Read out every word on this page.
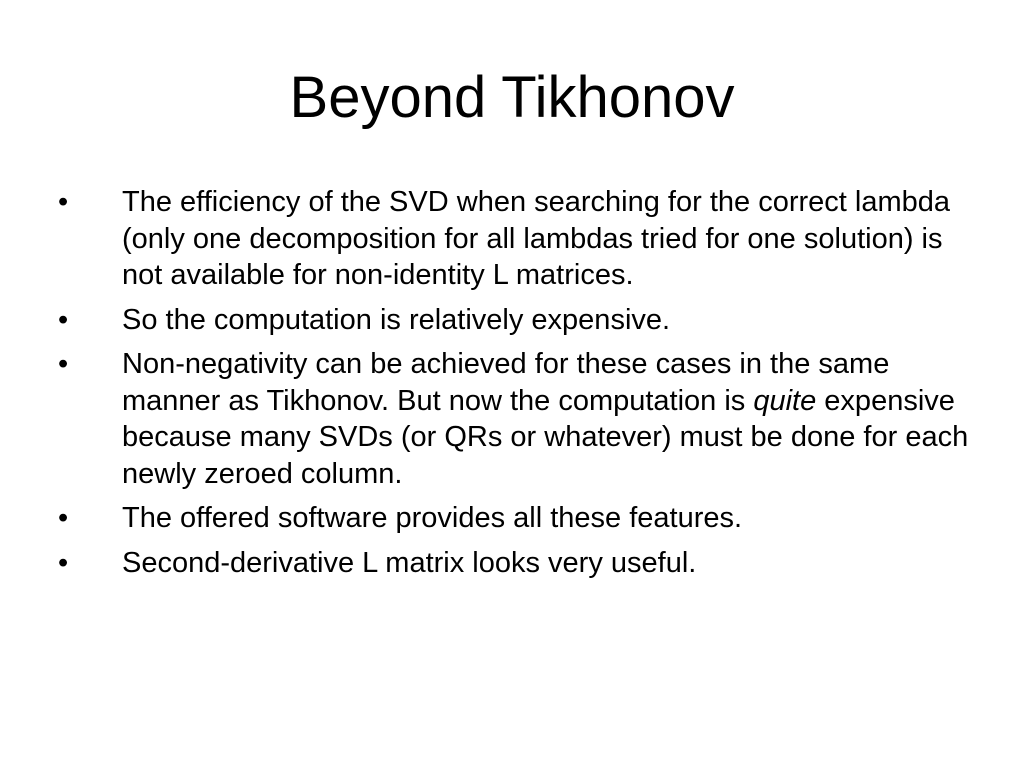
Beyond Tikhonov
•	The efficiency of the SVD when searching for the correct lambda (only one decomposition for all lambdas tried for one solution) is not available for non-identity L matrices.
•	So the computation is relatively expensive.
•	Non-negativity can be achieved for these cases in the same manner as Tikhonov. But now the computation is quite expensive because many SVDs (or QRs or whatever) must be done for each newly zeroed column.
•	The offered software provides all these features.
•	Second-derivative L matrix looks very useful.
